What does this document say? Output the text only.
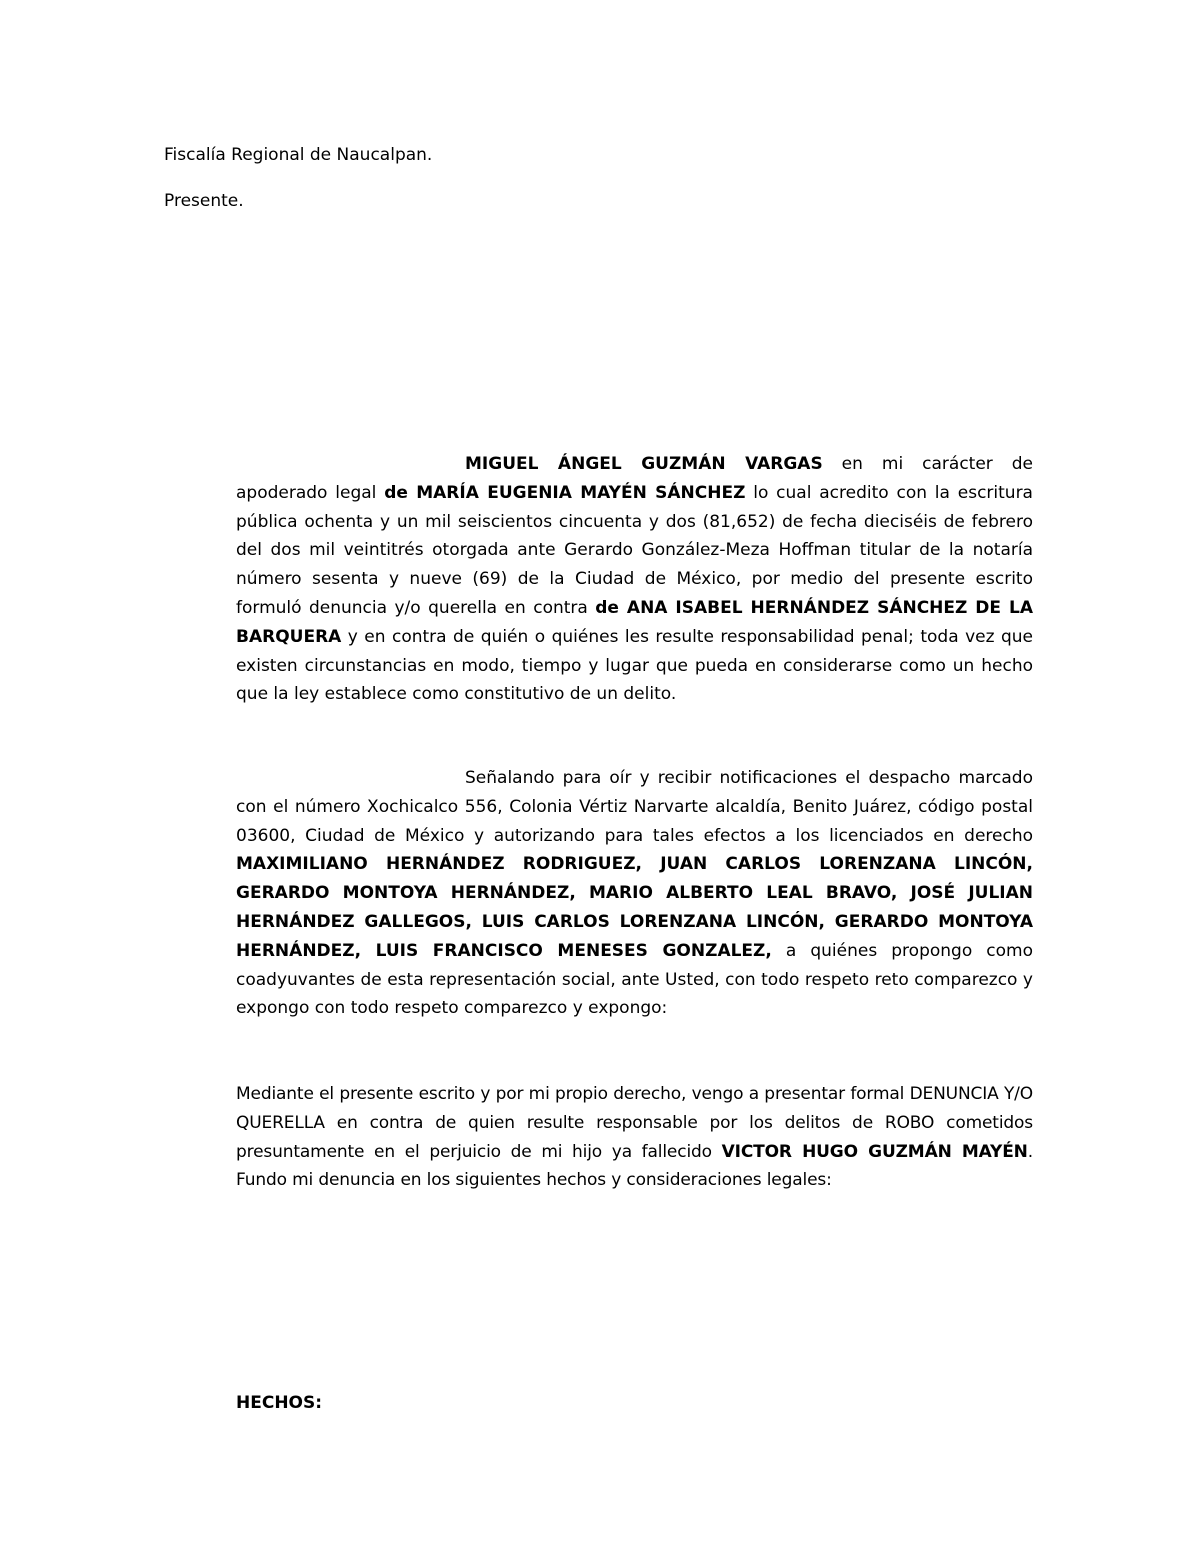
Fiscalía Regional de Naucalpan.

Presente.

MIGUEL ÁNGEL GUZMÁN VARGAS en mi carácter de apoderado legal de MARÍA EUGENIA MAYÉN SÁNCHEZ lo cual acredito con la escritura pública ochenta y un mil seiscientos cincuenta y dos (81,652) de fecha dieciséis de febrero del dos mil veintitrés otorgada ante Gerardo González-Meza Hoffman titular de la notaría número sesenta y nueve (69) de la Ciudad de México, por medio del presente escrito formuló denuncia y/o querella en contra de ANA ISABEL HERNÁNDEZ SÁNCHEZ DE LA BARQUERA y en contra de quién o quiénes les resulte responsabilidad penal; toda vez que existen circunstancias en modo, tiempo y lugar que pueda en considerarse como un hecho que la ley establece como constitutivo de un delito.

Señalando para oír y recibir notificaciones el despacho marcado con el número Xochicalco 556, Colonia Vértiz Narvarte alcaldía, Benito Juárez, código postal 03600, Ciudad de México y autorizando para tales efectos a los licenciados en derecho MAXIMILIANO HERNÁNDEZ RODRIGUEZ, JUAN CARLOS LORENZANA LINCÓN, GERARDO MONTOYA HERNÁNDEZ, MARIO ALBERTO LEAL BRAVO, JOSÉ JULIAN HERNÁNDEZ GALLEGOS, LUIS CARLOS LORENZANA LINCÓN, GERARDO MONTOYA HERNÁNDEZ, LUIS FRANCISCO MENESES GONZALEZ, a quiénes propongo como coadyuvantes de esta representación social, ante Usted, con todo respeto reto comparezco y expongo con todo respeto comparezco y expongo:

Mediante el presente escrito y por mi propio derecho, vengo a presentar formal DENUNCIA Y/O QUERELLA en contra de quien resulte responsable por los delitos de ROBO cometidos presuntamente en el perjuicio de mi hijo ya fallecido VICTOR HUGO GUZMÁN MAYÉN. Fundo mi denuncia en los siguientes hechos y consideraciones legales:

HECHOS:
